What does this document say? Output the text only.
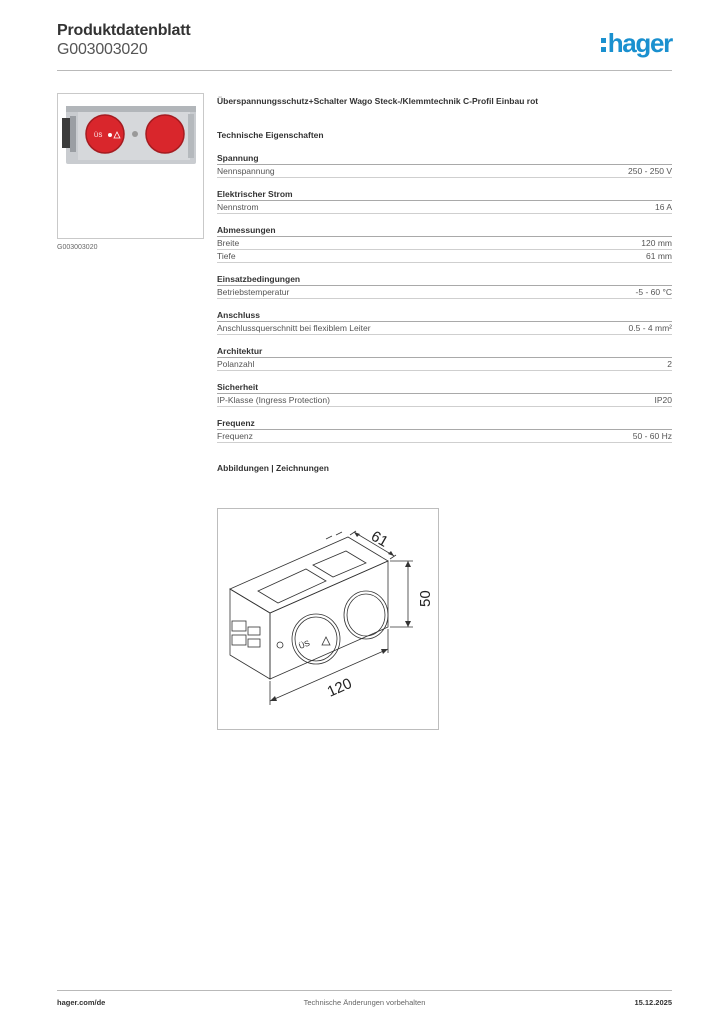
Produktdatenblatt
G003003020	hager
ÜS
G003003020
Überspannungsschutz+Schalter Wago Steck-/Klemmtechnik C-Profil Einbau rot
Technische Eigenschaften
Spannung
Nennspannung	250 - 250 V
Elektrischer Strom
Nennstrom	16 A
Abmessungen
Breite	120 mm
Tiefe	61 mm
Einsatzbedingungen
Betriebstemperatur	-5 - 60 °C
Anschluss
Anschlussquerschnitt bei flexiblem Leiter	0.5 - 4 mm²
Architektur
Polanzahl	2
Sicherheit
IP-Klasse (Ingress Protection)	IP20
Frequenz
Frequenz	50 - 60 Hz
Abbildungen | Zeichnungen
61
50
120
ÜS
hager.com/de	Technische Änderungen vorbehalten	15.12.2025
